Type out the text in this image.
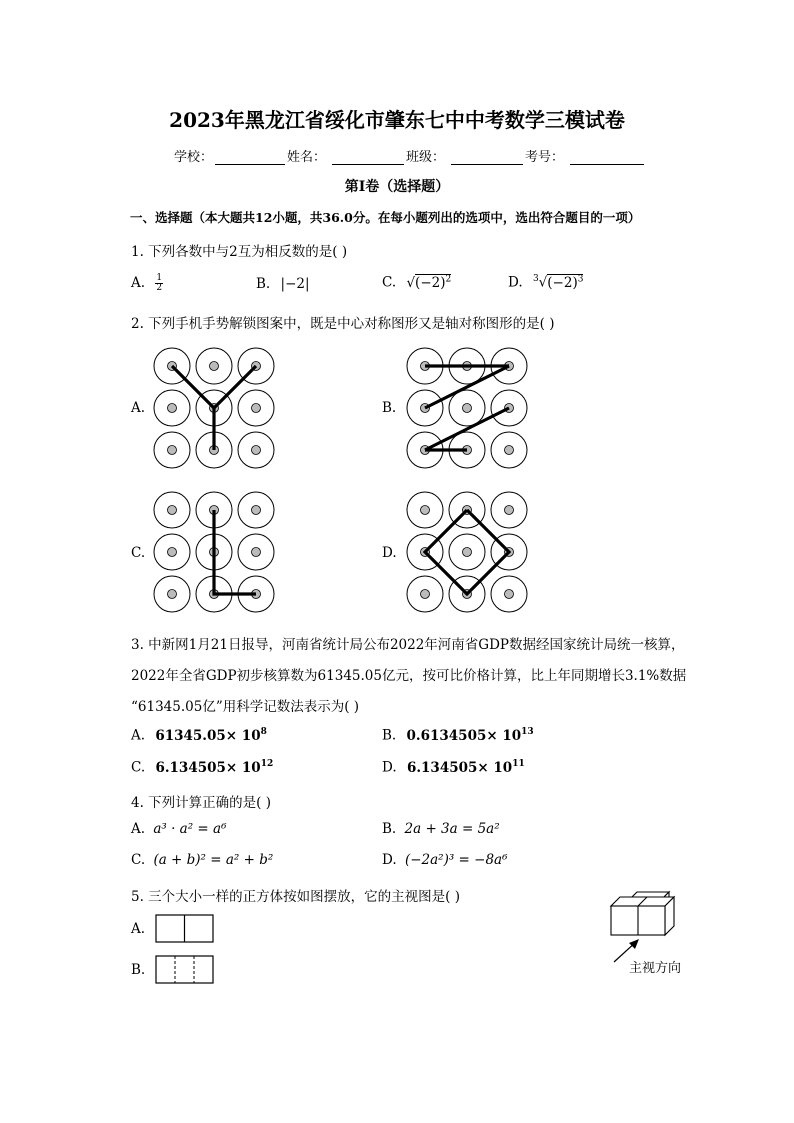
2023年黑龙江省绥化市肇东七中中考数学三模试卷
学校：	姓名：	班级：	考号：
第Ⅰ卷（选择题）
一、选择题（本大题共12小题，共36.0分。在每小题列出的选项中，选出符合题目的一项）
1. 下列各数中与2互为相反数的是( )
A. $\frac{1}{2}$	B. |−2|	C. $√(-2)^2$	D. $^3√(-2)^3$
2. 下列手机手势解锁图案中，既是中心对称图形又是轴对称图形的是( )
A.	B.
C.	D.
3. 中新网1月21日报导，河南省统计局公布2022年河南省GDP数据经国家统计局统一核算，
2022年全省GDP初步核算数为61345.05亿元，按可比价格计算，比上年同期增长3.1%数据
“61345.05亿”用科学记数法表示为( )
A. $61345.05\times 10^8$	B. $0.6134505\times 10^{13}$
C. $6.134505\times 10^{12}$	D. $6.134505\times 10^{11}$
4. 下列计算正确的是( )
A. a³ · a² = a⁶	B. 2a + 3a = 5a²
C. (a + b)² = a² + b²	D. (−2a²)³ = −8a⁶
5. 三个大小一样的正方体按如图摆放，它的主视图是( )
A.
B.	主视方向
